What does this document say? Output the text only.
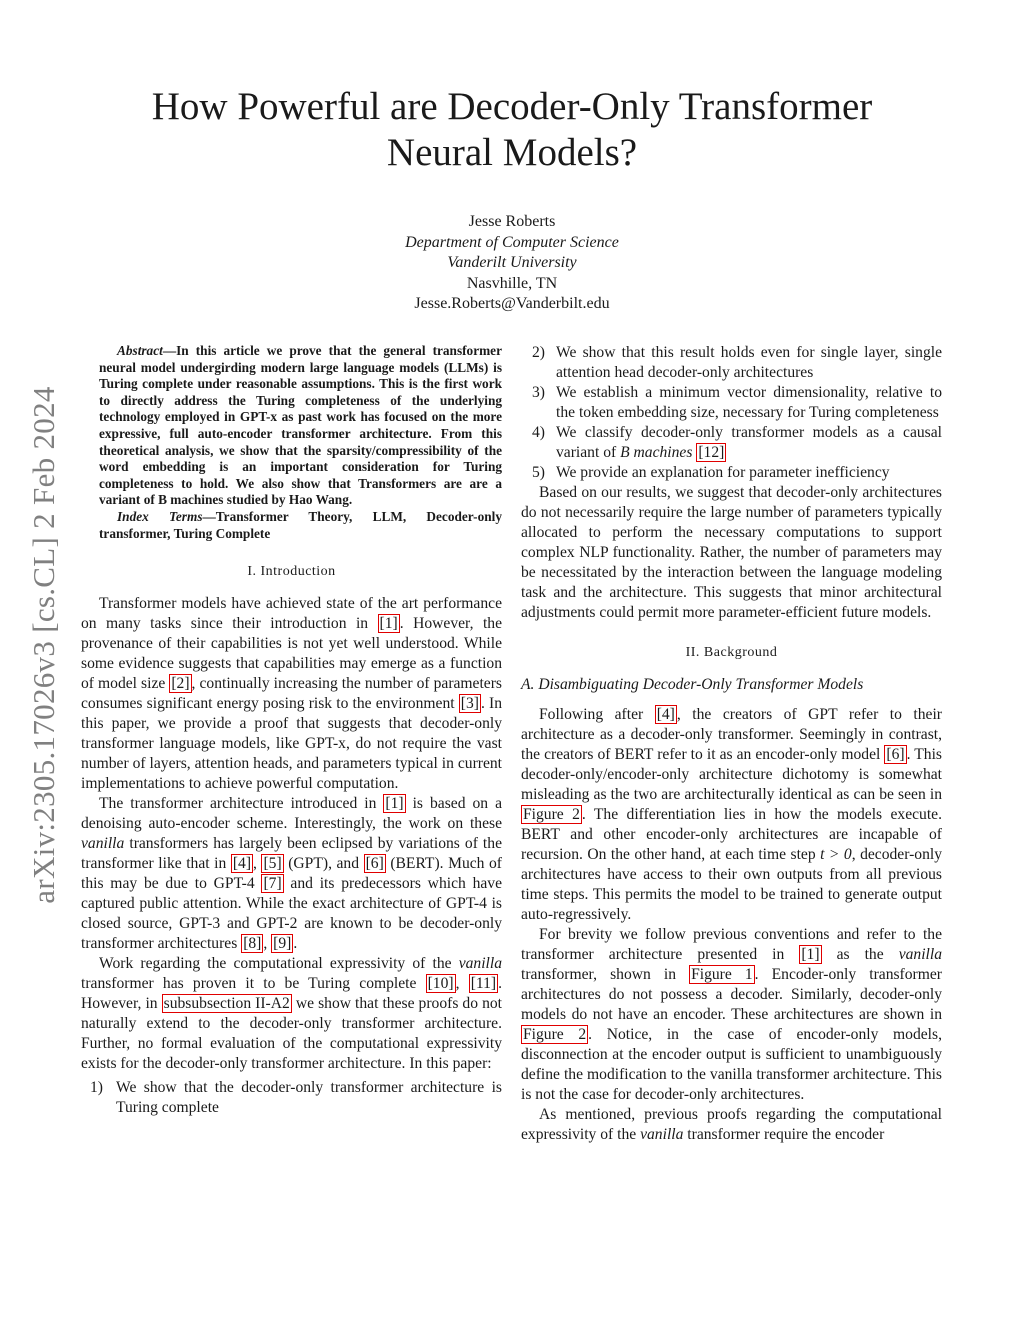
arXiv:2305.17026v3 [cs.CL] 2 Feb 2024
How Powerful are Decoder-Only Transformer Neural Models?
Jesse Roberts
Department of Computer Science
Vanderilt University
Nasvhille, TN
Jesse.Roberts@Vanderbilt.edu

Abstract—In this article we prove that the general transformer neural model undergirding modern large language models (LLMs) is Turing complete under reasonable assumptions. This is the first work to directly address the Turing completeness of the underlying technology employed in GPT-x as past work has focused on the more expressive, full auto-encoder transformer architecture. From this theoretical analysis, we show that the sparsity/compressibility of the word embedding is an important consideration for Turing completeness to hold. We also show that Transformers are are a variant of B machines studied by Hao Wang.

Index Terms—Transformer Theory, LLM, Decoder-only transformer, Turing Complete

I. Introduction

Transformer models have achieved state of the art performance on many tasks since their introduction in [1] . However, the provenance of their capabilities is not yet well understood. While some evidence suggests that capabilities may emerge as a function of model size [2] , continually increasing the number of parameters consumes significant energy posing risk to the environment [3] . In this paper, we provide a proof that suggests that decoder-only transformer language models, like GPT-x, do not require the vast number of layers, attention heads, and parameters typical in current implementations to achieve powerful computation.

The transformer architecture introduced in [1] is based on a denoising auto-encoder scheme. Interestingly, the work on these vanilla transformers has largely been eclipsed by variations of the transformer like that in [4] , [5] (GPT), and [6] (BERT). Much of this may be due to GPT-4 [7] and its predecessors which have captured public attention. While the exact architecture of GPT-4 is closed source, GPT-3 and GPT-2 are known to be decoder-only transformer architectures [8] , [9] .

Work regarding the computational expressivity of the vanilla transformer has proven it to be Turing complete [10] , [11] . However, in subsubsection II-A2 we show that these proofs do not naturally extend to the decoder-only transformer architecture. Further, no formal evaluation of the computational expressivity exists for the decoder-only transformer architecture. In this paper:

1) We show that the decoder-only transformer architecture is Turing complete
2) We show that this result holds even for single layer, single attention head decoder-only architectures
3) We establish a minimum vector dimensionality, relative to the token embedding size, necessary for Turing completeness
4) We classify decoder-only transformer models as a causal variant of B machines [12]
5) We provide an explanation for parameter inefficiency

Based on our results, we suggest that decoder-only architectures do not necessarily require the large number of parameters typically allocated to perform the necessary computations to support complex NLP functionality. Rather, the number of parameters may be necessitated by the interaction between the language modeling task and the architecture. This suggests that minor architectural adjustments could permit more parameter-efficient future models.

II. Background
A. Disambiguating Decoder-Only Transformer Models

Following after [4] , the creators of GPT refer to their architecture as a decoder-only transformer. Seemingly in contrast, the creators of BERT refer to it as an encoder-only model [6] . This decoder-only/encoder-only architecture dichotomy is somewhat misleading as the two are architecturally identical as can be seen in Figure 2 . The differentiation lies in how the models execute. BERT and other encoder-only architectures are incapable of recursion. On the other hand, at each time step t > 0, decoder-only architectures have access to their own outputs from all previous time steps. This permits the model to be trained to generate output auto-regressively.

For brevity we follow previous conventions and refer to the transformer architecture presented in [1] as the vanilla transformer, shown in Figure 1 . Encoder-only transformer architectures do not possess a decoder. Similarly, decoder-only models do not have an encoder. These architectures are shown in Figure 2 . Notice, in the case of encoder-only models, disconnection at the encoder output is sufficient to unambiguously define the modification to the vanilla transformer architecture. This is not the case for decoder-only architectures.

As mentioned, previous proofs regarding the computational expressivity of the vanilla transformer require the encoder
